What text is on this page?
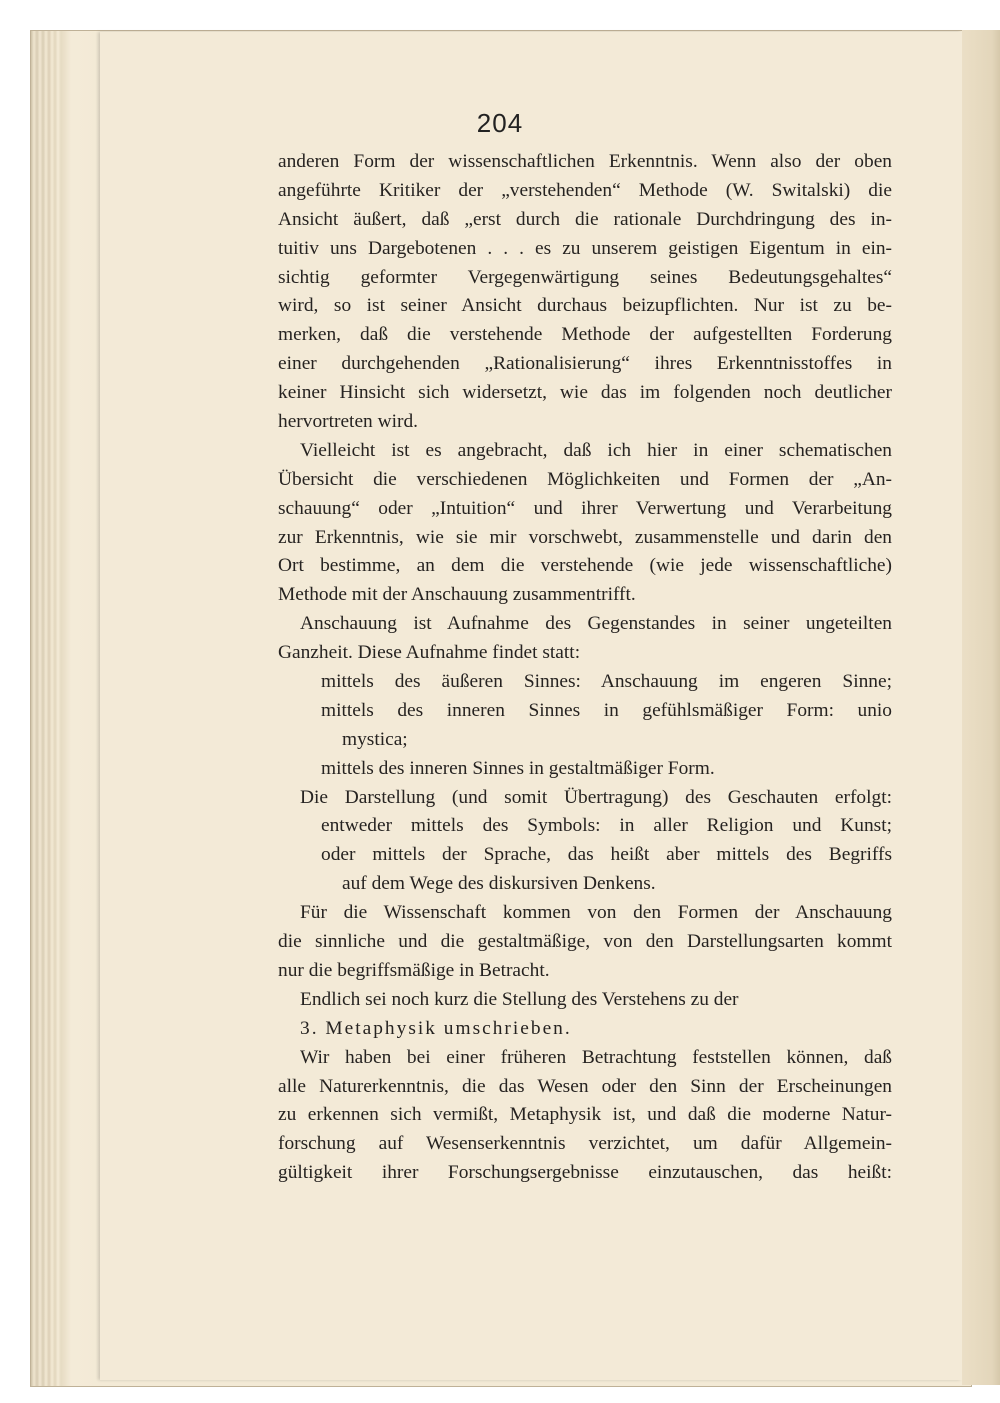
204
anderen Form der wissenschaftlichen Erkenntnis. Wenn also der oben
angeführte Kritiker der „verstehenden“ Methode (W. Switalski) die
Ansicht äußert, daß „erst durch die rationale Durchdringung des in-
tuitiv uns Dargebotenen . . . es zu unserem geistigen Eigentum in ein-
sichtig geformter Vergegenwärtigung seines Bedeutungsgehaltes“
wird, so ist seiner Ansicht durchaus beizupflichten. Nur ist zu be-
merken, daß die verstehende Methode der aufgestellten Forderung
einer durchgehenden „Rationalisierung“ ihres Erkenntnisstoffes in
keiner Hinsicht sich widersetzt, wie das im folgenden noch deutlicher
hervortreten wird.
Vielleicht ist es angebracht, daß ich hier in einer schematischen
Übersicht die verschiedenen Möglichkeiten und Formen der „An-
schauung“ oder „Intuition“ und ihrer Verwertung und Verarbeitung
zur Erkenntnis, wie sie mir vorschwebt, zusammenstelle und darin den
Ort bestimme, an dem die verstehende (wie jede wissenschaftliche)
Methode mit der Anschauung zusammentrifft.
Anschauung ist Aufnahme des Gegenstandes in seiner ungeteilten
Ganzheit. Diese Aufnahme findet statt:
mittels des äußeren Sinnes: Anschauung im engeren Sinne;
mittels des inneren Sinnes in gefühlsmäßiger Form: unio
mystica;
mittels des inneren Sinnes in gestaltmäßiger Form.
Die Darstellung (und somit Übertragung) des Geschauten erfolgt:
entweder mittels des Symbols: in aller Religion und Kunst;
oder mittels der Sprache, das heißt aber mittels des Begriffs
auf dem Wege des diskursiven Denkens.
Für die Wissenschaft kommen von den Formen der Anschauung
die sinnliche und die gestaltmäßige, von den Darstellungsarten kommt
nur die begriffsmäßige in Betracht.
Endlich sei noch kurz die Stellung des Verstehens zu der
3. Metaphysik umschrieben.
Wir haben bei einer früheren Betrachtung feststellen können, daß
alle Naturerkenntnis, die das Wesen oder den Sinn der Erscheinungen
zu erkennen sich vermißt, Metaphysik ist, und daß die moderne Natur-
forschung auf Wesenserkenntnis verzichtet, um dafür Allgemein-
gültigkeit ihrer Forschungsergebnisse einzutauschen, das heißt:
